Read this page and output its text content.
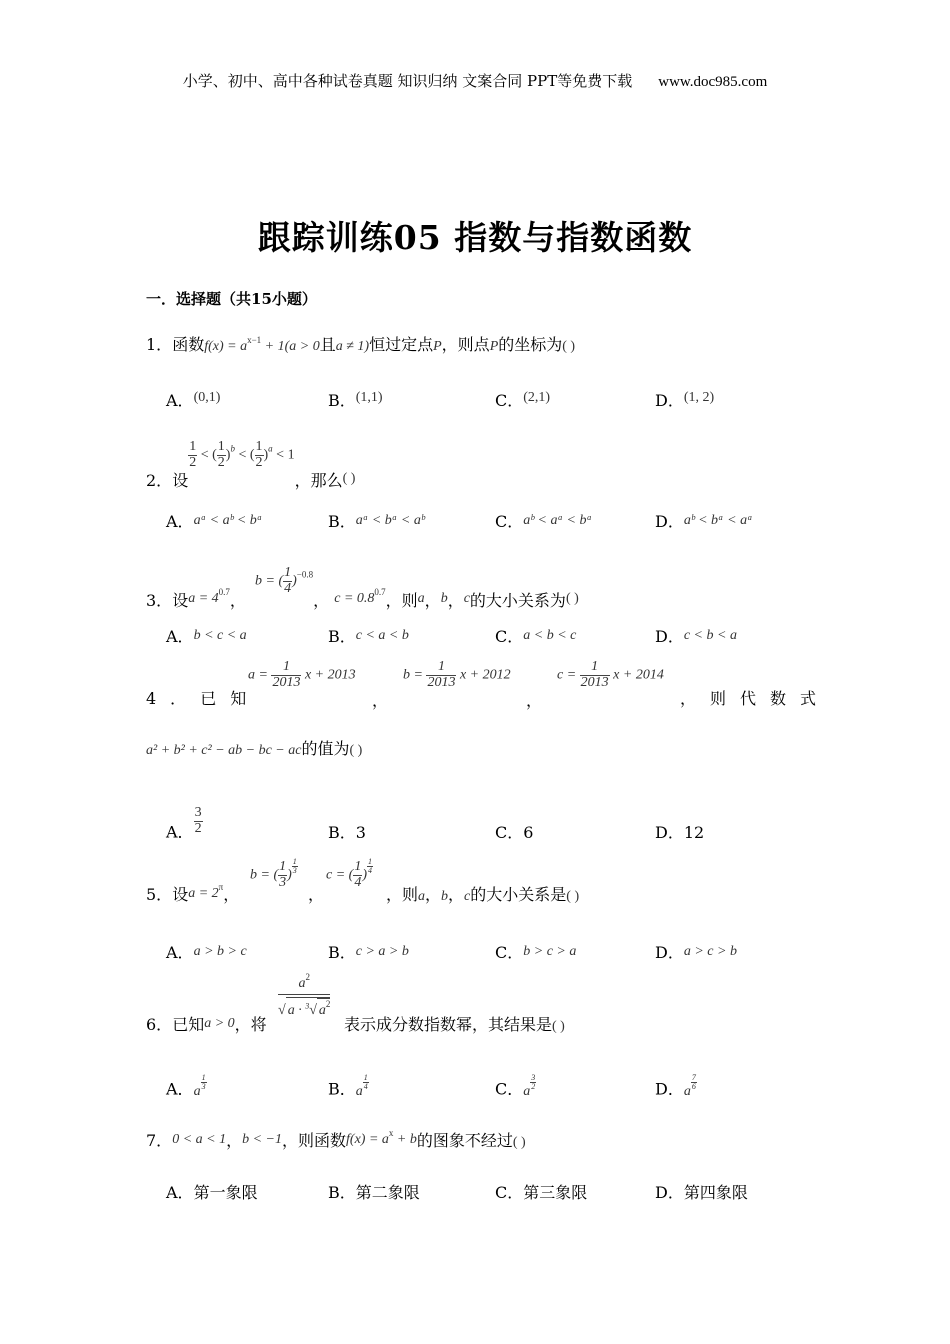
小学、初中、高中各种试卷真题 知识归纳 文案合同 PPT等免费下载 www.doc985.com
跟踪训练05 指数与指数函数
一．选择题（共15小题）
1．函数$f(x) = a^{x-1} + 1(a > 0$且a ≠ 1)恒过定点P，则点P的坐标为( )
A．(0,1)	B．(1,1)	C．(2,1)	D．(1, 2)
2．设
$\frac{1}{2}$ < ( $\frac{1}{2} )^b$ < ( $\frac{1}{2} )^a < 1$，那么( )
A．aᵃ < aᵇ < bᵃ	B．aᵃ < bᵃ < aᵇ	C．aᵇ < aᵃ < bᵃ	D．aᵇ < bᵃ < aᵃ
3．设$a = 4^{0.7}$， b = ( $\frac{1}{4} )^{-0.8}$， $c = 0.8^{0.7}$，则a，b，c的大小关系为( )
A．b < c < a	B．c < a < b	C．a < b < c	D．c < b < a
4．已知
$a = \frac{1}{2013}$ x + 2013
，
$b = \frac{1}{2013}$ x + 2012
，
$c = \frac{1}{2013}$ x + 2014
，则代数式
a² + b² + c² − ab − bc − ac的值为( )
A． $\frac{3}{2}$	B．3	C．6	D．12
5．设$a = 2^\pi$，
b = ( $\frac{1}{3}$ ) $^{\frac{1}{3}}$
，
c = ( $\frac{1}{4}$ ) $^{\frac{1}{4}}$
，则a，b，c的大小关系是( )
A．a > b > c	B．c > a > b	C．b > c > a	D．a > c > b
6．已知a > 0，将
$a^2$
√ a · $^3$√ $a^2$
表示成分数指数幂，其结果是( )
A．a $^{\frac{1}{3}}$	B．a $^{\frac{1}{4}}$	C．a $^{\frac{3}{2}}$	D．a $^{\frac{7}{6}}$
7．0 < a < 1，b < −1，则函数$f(x) = a^x + b$的图象不经过( )
A．第一象限	B．第二象限	C．第三象限	D．第四象限
